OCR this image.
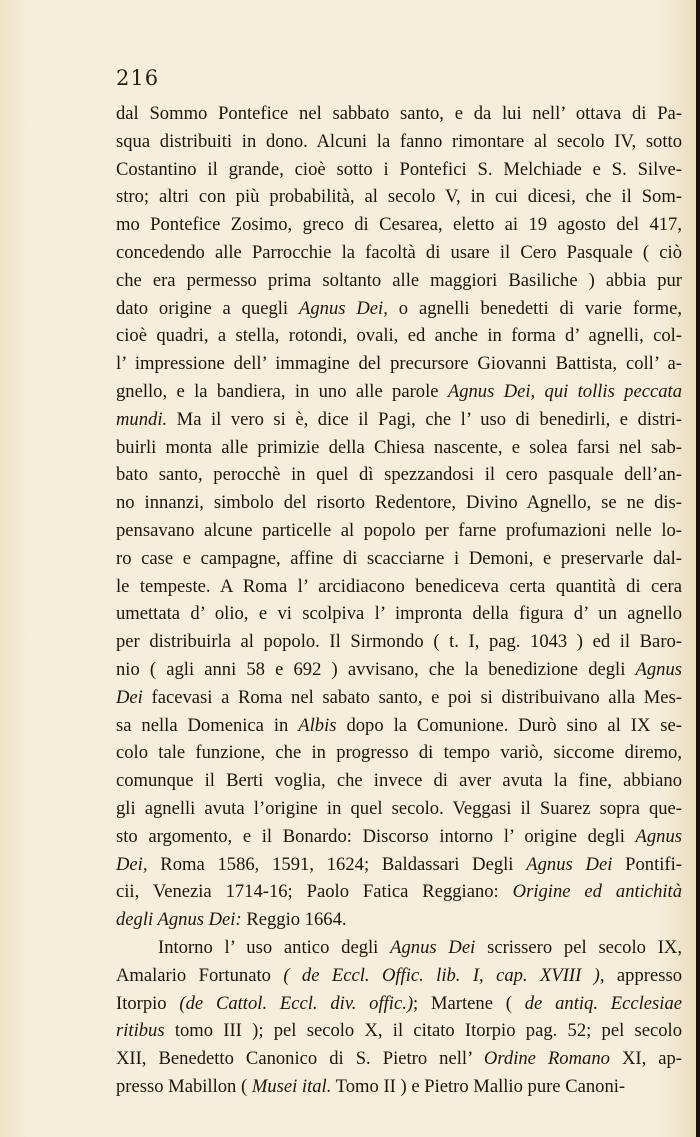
216
dal Sommo Pontefice nel sabbato santo, e da lui nell’ ottava di Pa-
squa distribuiti in dono. Alcuni la fanno rimontare al secolo IV, sotto
Costantino il grande, cioè sotto i Pontefici S. Melchiade e S. Silve-
stro; altri con più probabilità, al secolo V, in cui dicesi, che il Som-
mo Pontefice Zosimo, greco di Cesarea, eletto ai 19 agosto del 417,
concedendo alle Parrocchie la facoltà di usare il Cero Pasquale ( ciò
che era permesso prima soltanto alle maggiori Basiliche ) abbia pur
dato origine a quegli Agnus Dei, o agnelli benedetti di varie forme,
cioè quadri, a stella, rotondi, ovali, ed anche in forma d’ agnelli, col-
l’ impressione dell’ immagine del precursore Giovanni Battista, coll’ a-
gnello, e la bandiera, in uno alle parole Agnus Dei, qui tollis peccata
mundi. Ma il vero si è, dice il Pagi, che l’ uso di benedirli, e distri-
buirli monta alle primizie della Chiesa nascente, e solea farsi nel sab-
bato santo, perocchè in quel dì spezzandosi il cero pasquale dell’an-
no innanzi, simbolo del risorto Redentore, Divino Agnello, se ne dis-
pensavano alcune particelle al popolo per farne profumazioni nelle lo-
ro case e campagne, affine di scacciarne i Demoni, e preservarle dal-
le tempeste. A Roma l’ arcidiacono benediceva certa quantità di cera
umettata d’ olio, e vi scolpiva l’ impronta della figura d’ un agnello
per distribuirla al popolo. Il Sirmondo ( t. I, pag. 1043 ) ed il Baro-
nio ( agli anni 58 e 692 ) avvisano, che la benedizione degli Agnus
Dei facevasi a Roma nel sabato santo, e poi si distribuivano alla Mes-
sa nella Domenica in Albis dopo la Comunione. Durò sino al IX se-
colo tale funzione, che in progresso di tempo variò, siccome diremo,
comunque il Berti voglia, che invece di aver avuta la fine, abbiano
gli agnelli avuta l’origine in quel secolo. Veggasi il Suarez sopra que-
sto argomento, e il Bonardo: Discorso intorno l’ origine degli Agnus
Dei, Roma 1586, 1591, 1624; Baldassari Degli Agnus Dei Pontifi-
cii, Venezia 1714-16; Paolo Fatica Reggiano: Origine ed antichità
degli Agnus Dei: Reggio 1664.
Intorno l’ uso antico degli Agnus Dei scrissero pel secolo IX,
Amalario Fortunato ( de Eccl. Offic. lib. I, cap. XVIII ), appresso
Itorpio (de Cattol. Eccl. div. offic.); Martene ( de antiq. Ecclesiae
ritibus tomo III ); pel secolo X, il citato Itorpio pag. 52; pel secolo
XII, Benedetto Canonico di S. Pietro nell’ Ordine Romano XI, ap-
presso Mabillon ( Musei ital. Tomo II ) e Pietro Mallio pure Canoni-
